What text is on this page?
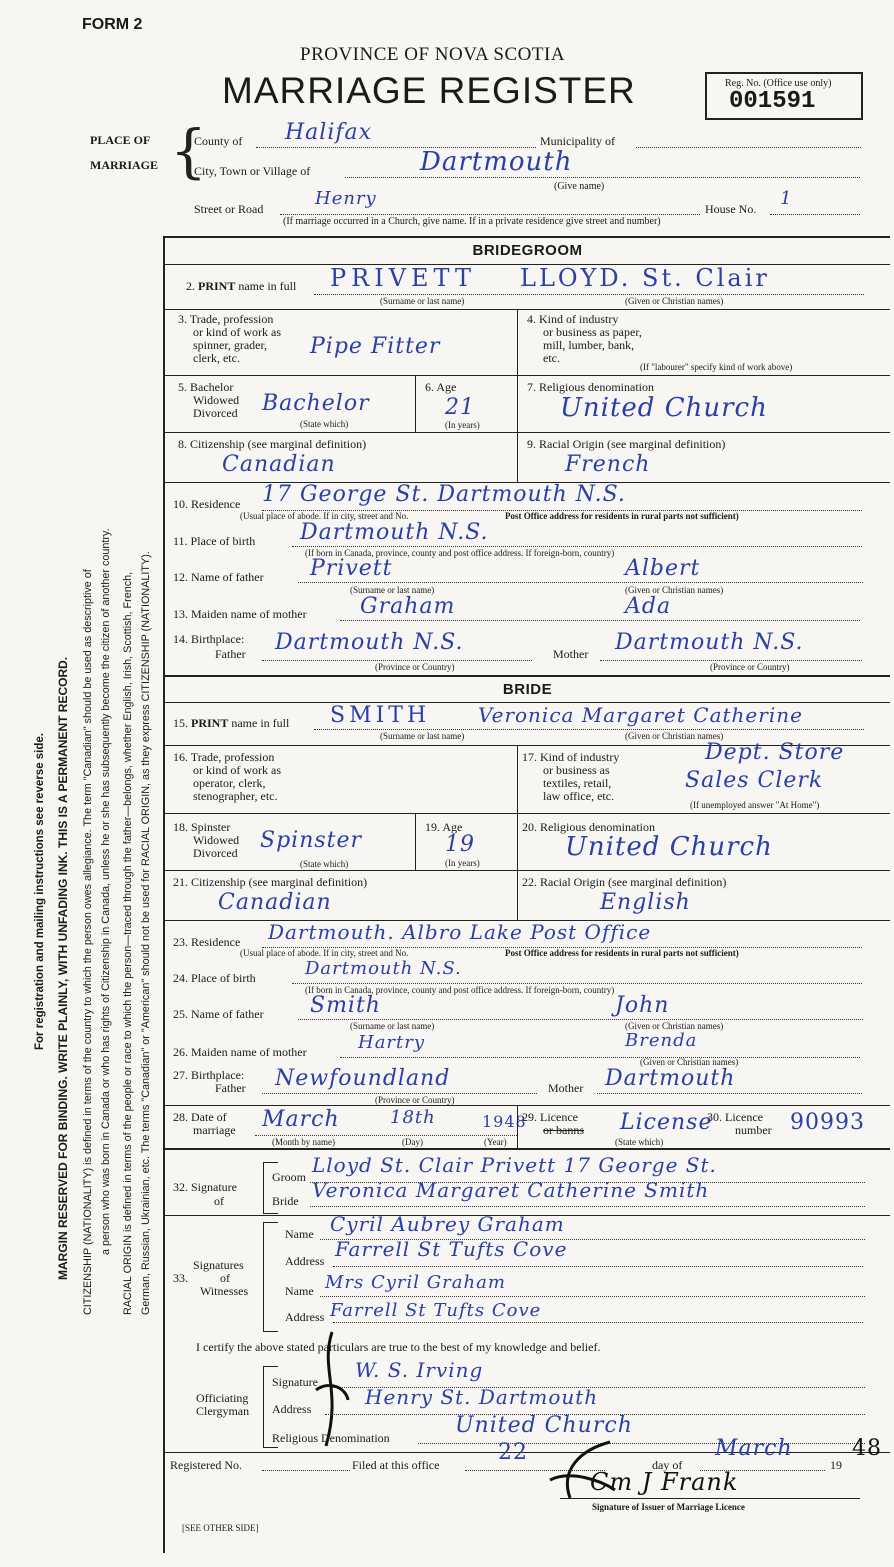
FORM 2
PROVINCE OF NOVA SCOTIA
MARRIAGE REGISTER	Reg. No. (Office use only)
001591
For registration and mailing instructions see reverse side. MARGIN RESERVED FOR BINDING. WRITE PLAINLY, WITH UNFADING INK. THIS IS A PERMANENT RECORD. CITIZENSHIP (NATIONALITY) is defined in terms of the country to which the person owes allegiance. The term "Canadian" should be used as descriptive of a person who was born in Canada or who has rights of Citizenship in Canada, unless he or she has subsequently become the citizen of another country. RACIAL ORIGIN is defined in terms of the people or race to which the person—traced through the father—belongs, whether English, Irish, Scottish, French, German, Russian, Ukrainian, etc. The terms "Canadian" or "American" should not be used for RACIAL ORIGIN, as they express CITIZENSHIP (NATIONALITY).
PLACE OF
MARRIAGE {
County of Halifax	Municipality of
City, Town or Village of	Dartmouth
(Give name)
Street or Road	Henry	House No. 1
(If marriage occurred in a Church, give name. If in a private residence give street and number)
BRIDEGROOM
2. PRINT name in full PRIVETT LLOYD. St. Clair
(Surname or last name)	(Given or Christian names)
3. Trade, profession
or kind of work as
spinner, grader,
clerk, etc.	Pipe Fitter
4. Kind of industry
or business as paper,
mill, lumber, bank,
etc.
(If "labourer" specify kind of work above)
5. Bachelor
Widowed
Divorced Bachelor
(State which)
6. Age
21
(In years)
7. Religious denomination
United Church
8. Citizenship (see marginal definition)
Canadian
9. Racial Origin (see marginal definition)
French
10. Residence 17 George St. Dartmouth N.S.
(Usual place of abode. If in city, street and No.	Post Office address for residents in rural parts not sufficient)
11. Place of birth Dartmouth N.S.
(If born in Canada, province, county and post office address. If foreign-born, country)
12. Name of father Privett	Albert
(Surname or last name)	(Given or Christian names)
13. Maiden name of mother Graham	Ada
14. Birthplace:
Father Dartmouth N.S.	Mother Dartmouth N.S.
(Province or Country)	(Province or Country)
BRIDE
15. PRINT name in full SMITH Veronica Margaret Catherine
(Surname or last name)	(Given or Christian names)
16. Trade, profession
or kind of work as
operator, clerk,
stenographer, etc.
17. Kind of industry
or business as
textiles, retail,
law office, etc.
Dept. Store
Sales Clerk
(If unemployed answer "At Home")
18. Spinster
Widowed
Divorced Spinster
(State which)
19. Age
19
(In years)
20. Religious denomination
United Church
21. Citizenship (see marginal definition)
Canadian
22. Racial Origin (see marginal definition)
English
23. Residence Dartmouth. Albro Lake Post Office
(Usual place of abode. If in city, street and No.	Post Office address for residents in rural parts not sufficient)
24. Place of birth	Dartmouth N.S.
(If born in Canada, province, county and post office address. If foreign-born, country)
25. Name of father Smith	John
(Surname or last name)	(Given or Christian names)
26. Maiden name of mother	Hartry	Brenda
(Given or Christian names)
27. Birthplace:
Father Newfoundland	Mother Dartmouth
(Province or Country)
28. Date of
marriage March	18th	1948
(Month by name)	(Day)	(Year)
29. Licence
or banns License
(State which)
30. Licence
number 90993
32. Signature
of
Groom Lloyd St. Clair Privett 17 George St.
Bride Veronica Margaret Catherine Smith
Signatures
33.	of
Witnesses
Name Cyril Aubrey Graham
Address Farrell St Tufts Cove
Name Mrs Cyril Graham
Address Farrell St Tufts Cove
I certify the above stated particulars are true to the best of my knowledge and belief.
Officiating
Clergyman
Signature W. S. Irving
Address	Henry St. Dartmouth
Religious Denomination	United Church
Registered No.	Filed at this office	22	day of
March
19
48
Cm J Frank
Signature of Issuer of Marriage Licence
[SEE OTHER SIDE]
